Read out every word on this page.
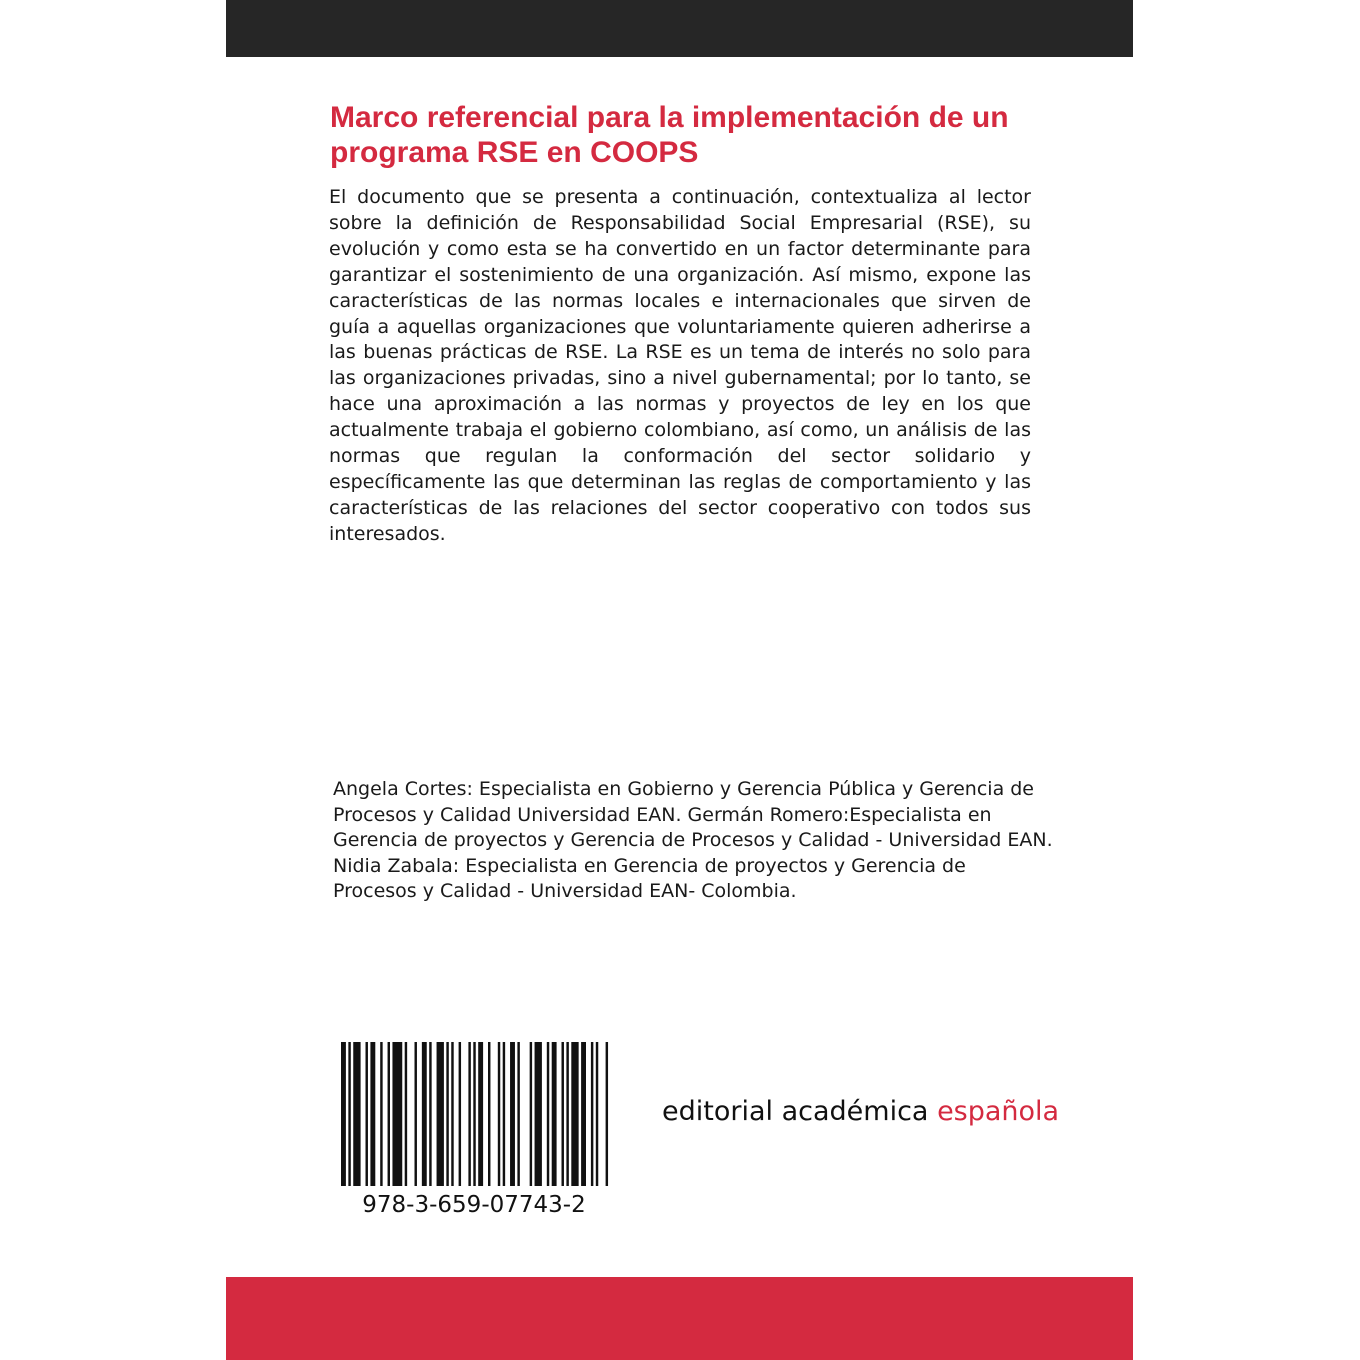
Marco referencial para la implementación de un programa RSE en COOPS

El documento que se presenta a continuación, contextualiza al lector sobre la definición de Responsabilidad Social Empresarial (RSE), su evolución y como esta se ha convertido en un factor determinante para garantizar el sostenimiento de una organización. Así mismo, expone las características de las normas locales e internacionales que sirven de guía a aquellas organizaciones que voluntariamente quieren adherirse a las buenas prácticas de RSE. La RSE es un tema de interés no solo para las organizaciones privadas, sino a nivel gubernamental; por lo tanto, se hace una aproximación a las normas y proyectos de ley en los que actualmente trabaja el gobierno colombiano, así como, un análisis de las normas que regulan la conformación del sector solidario y específicamente las que determinan las reglas de comportamiento y las características de las relaciones del sector cooperativo con todos sus interesados.

Angela Cortes: Especialista en Gobierno y Gerencia Pública y Gerencia de Procesos y Calidad Universidad EAN. Germán Romero:Especialista en Gerencia de proyectos y Gerencia de Procesos y Calidad - Universidad EAN. Nidia Zabala: Especialista en Gerencia de proyectos y Gerencia de Procesos y Calidad - Universidad EAN- Colombia.

978-3-659-07743-2

editorial académica española
